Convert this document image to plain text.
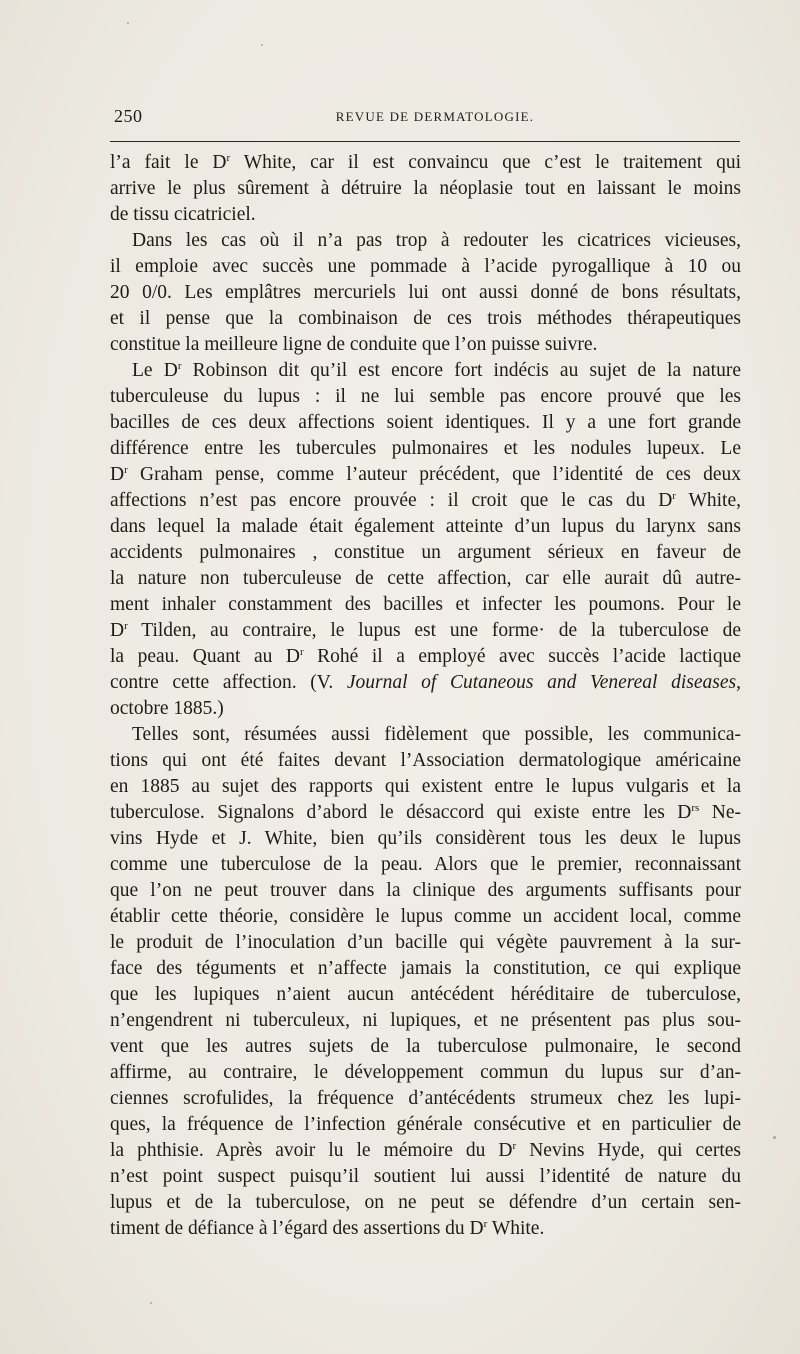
250	REVUE DE DERMATOLOGIE.
l’a fait le $D^r$ White, car il est convaincu que c’est le traitement qui
arrive le plus sûrement à détruire la néoplasie tout en laissant le moins
de tissu cicatriciel.
Dans les cas où il n’a pas trop à redouter les cicatrices vicieuses,
il emploie avec succès une pommade à l’acide pyrogallique à 10 ou
20 0/0. Les emplâtres mercuriels lui ont aussi donné de bons résultats,
et il pense que la combinaison de ces trois méthodes thérapeutiques
constitue la meilleure ligne de conduite que l’on puisse suivre.
Le $D^r$ Robinson dit qu’il est encore fort indécis au sujet de la nature
tuberculeuse du lupus : il ne lui semble pas encore prouvé que les
bacilles de ces deux affections soient identiques. Il y a une fort grande
différence entre les tubercules pulmonaires et les nodules lupeux. Le
$D^r$ Graham pense, comme l’auteur précédent, que l’identité de ces deux
affections n’est pas encore prouvée : il croit que le cas du $D^r$ White,
dans lequel la malade était également atteinte d’un lupus du larynx sans
accidents pulmonaires , constitue un argument sérieux en faveur de
la nature non tuberculeuse de cette affection, car elle aurait dû autre-
ment inhaler constamment des bacilles et infecter les poumons. Pour le
$D^r$ Tilden, au contraire, le lupus est une forme· de la tuberculose de
la peau. Quant au $D^r$ Rohé il a employé avec succès l’acide lactique
contre cette affection. (V. Journal of Cutaneous and Venereal diseases,
octobre 1885.)
Telles sont, résumées aussi fidèlement que possible, les communica-
tions qui ont été faites devant l’Association dermatologique américaine
en 1885 au sujet des rapports qui existent entre le lupus vulgaris et la
tuberculose. Signalons d’abord le désaccord qui existe entre les $D^{rs}$ Ne-
vins Hyde et J. White, bien qu’ils considèrent tous les deux le lupus
comme une tuberculose de la peau. Alors que le premier, reconnaissant
que l’on ne peut trouver dans la clinique des arguments suffisants pour
établir cette théorie, considère le lupus comme un accident local, comme
le produit de l’inoculation d’un bacille qui végète pauvrement à la sur-
face des téguments et n’affecte jamais la constitution, ce qui explique
que les lupiques n’aient aucun antécédent héréditaire de tuberculose,
n’engendrent ni tuberculeux, ni lupiques, et ne présentent pas plus sou-
vent que les autres sujets de la tuberculose pulmonaire, le second
affirme, au contraire, le développement commun du lupus sur d’an-
ciennes scrofulides, la fréquence d’antécédents strumeux chez les lupi-
ques, la fréquence de l’infection générale consécutive et en particulier de
la phthisie. Après avoir lu le mémoire du $D^r$ Nevins Hyde, qui certes
n’est point suspect puisqu’il soutient lui aussi l’identité de nature du
lupus et de la tuberculose, on ne peut se défendre d’un certain sen-
timent de défiance à l’égard des assertions du $D^r$ White.
